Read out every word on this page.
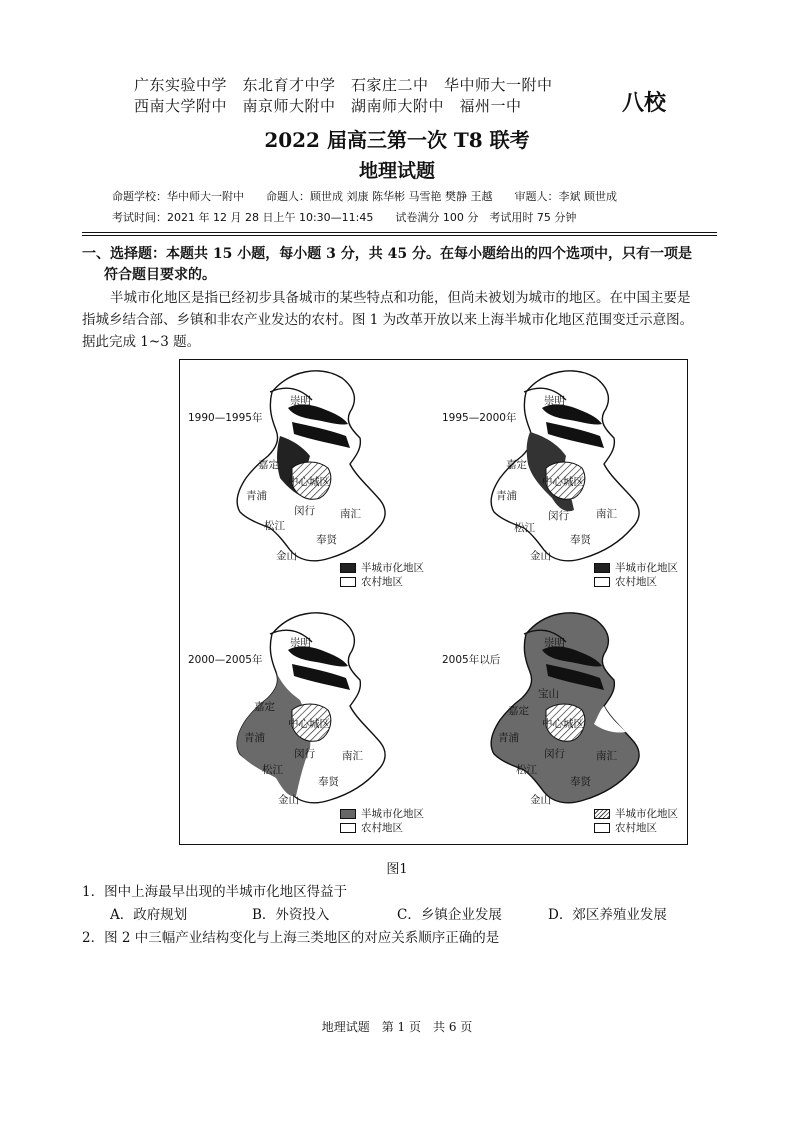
广东实验中学　东北育才中学　石家庄二中　华中师大一附中
西南大学附中　南京师大附中　湖南师大附中　福州一中	八校
2022 届高三第一次 T8 联考
地理试题
命题学校：华中师大一附中　　命题人：顾世成 刘康 陈华彬 马雪艳 樊静 王越　　审题人：李斌 顾世成
考试时间：2021 年 12 月 28 日上午 10:30—11:45　　试卷满分 100 分　考试用时 75 分钟
一、选择题：本题共 15 小题，每小题 3 分，共 45 分。在每小题给出的四个选项中，只有一项是
符合题目要求的。
半城市化地区是指已经初步具备城市的某些特点和功能，但尚未被划为城市的地区。在中国主要是
指城乡结合部、乡镇和非农产业发达的农村。图 1 为改革开放以来上海半城市化地区范围变迁示意图。
据此完成 1~3 题。
1990—1995年
崇明
嘉定
青浦
中心城区
闵行 南汇
松江
奉贤
金山
半城市化地区
农村地区
1995—2000年
崇明
嘉定
青浦
中心城区
闵行	南汇
松江
奉贤
金山
半城市化地区
农村地区
2000—2005年
崇明
嘉定
青浦
中心城区
闵行	南汇
松江
奉贤
金山
半城市化地区
农村地区
2005年以后
崇明
宝山
嘉定
青浦
中心城区
闵行	南汇
松江
奉贤
金山
半城市化地区
农村地区
图1
1．图中上海最早出现的半城市化地区得益于
A．政府规划	B．外资投入	C．乡镇企业发展	D．郊区养殖业发展
2．图 2 中三幅产业结构变化与上海三类地区的对应关系顺序正确的是
地理试题　第 1 页　共 6 页
